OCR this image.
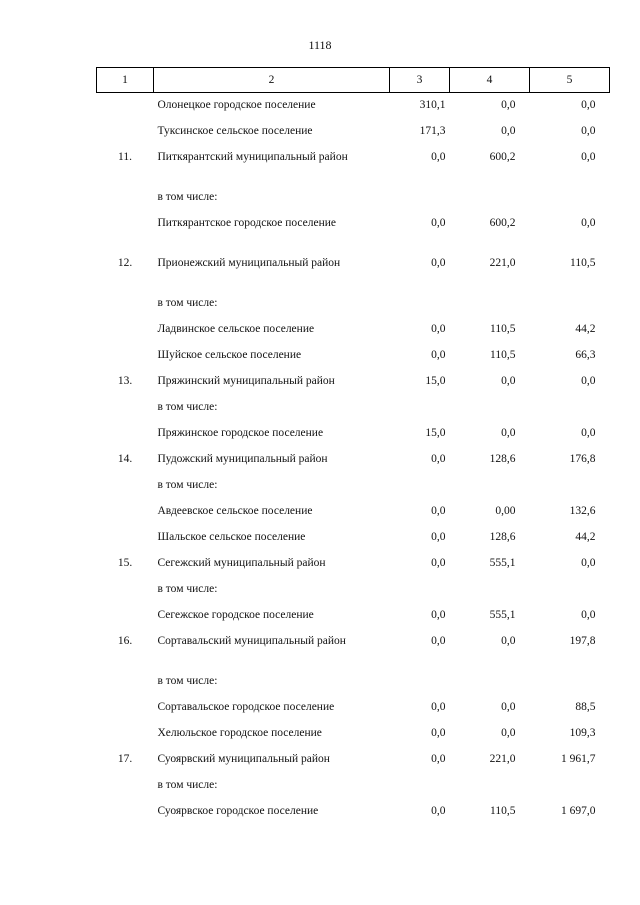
1118
1	2	3	4	5
	Олонецкое городское поселение	310,1	0,0	0,0
	Туксинское сельское поселение	171,3	0,0	0,0
11.	Питкярантский муниципальный район	0,0	600,2	0,0
	в том числе:			
	Питкярантское городское поселение	0,0	600,2	0,0
12.	Прионежский муниципальный район	0,0	221,0	110,5
	в том числе:			
	Ладвинское сельское поселение	0,0	110,5	44,2
	Шуйское сельское поселение	0,0	110,5	66,3
13.	Пряжинский муниципальный район	15,0	0,0	0,0
	в том числе:			
	Пряжинское городское поселение	15,0	0,0	0,0
14.	Пудожский муниципальный район	0,0	128,6	176,8
	в том числе:			
	Авдеевское сельское поселение	0,0	0,00	132,6
	Шальское сельское поселение	0,0	128,6	44,2
15.	Сегежский муниципальный район	0,0	555,1	0,0
	в том числе:			
	Сегежское городское поселение	0,0	555,1	0,0
16.	Сортавальский муниципальный район	0,0	0,0	197,8
	в том числе:			
	Сортавальское городское поселение	0,0	0,0	88,5
	Хелюльское городское поселение	0,0	0,0	109,3
17.	Суоярвский муниципальный район	0,0	221,0	1 961,7
	в том числе:			
	Суоярвское городское поселение	0,0	110,5	1 697,0
